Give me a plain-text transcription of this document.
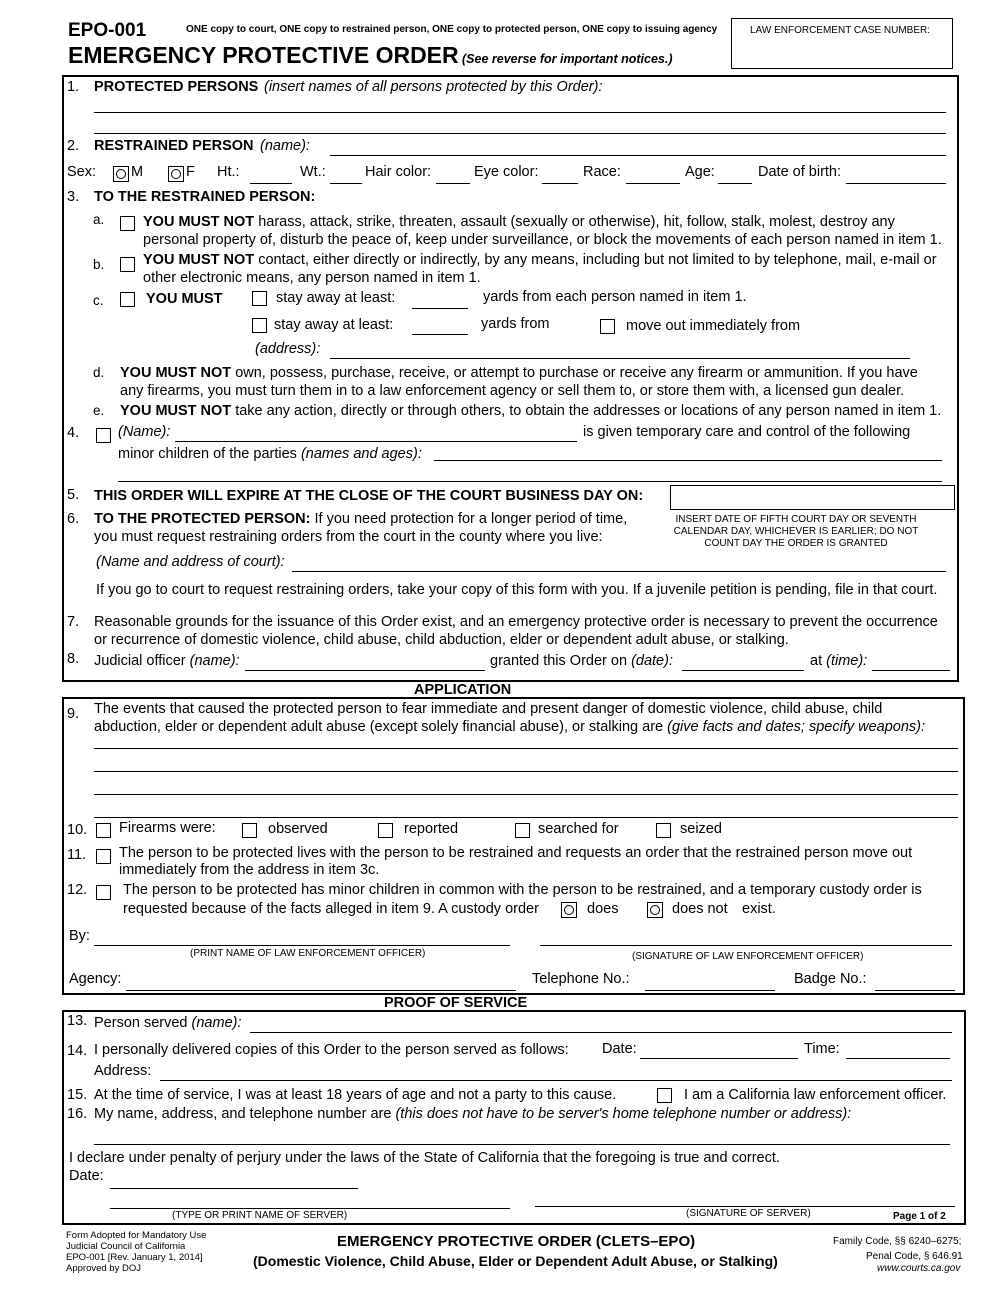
EPO-001	ONE copy to court, ONE copy to restrained person, ONE copy to protected person, ONE copy to issuing agency
EMERGENCY PROTECTIVE ORDER (See reverse for important notices.)
LAW ENFORCEMENT CASE NUMBER:
1. PROTECTED PERSONS (insert names of all persons protected by this Order):
2. RESTRAINED PERSON (name):
Sex: M	F Ht.:	Wt.:	Hair color:	Eye color:	Race:	Age:	Date of birth:
3. TO THE RESTRAINED PERSON:
a.	YOU MUST NOT harass, attack, strike, threaten, assault (sexually or otherwise), hit, follow, stalk, molest, destroy any
personal property of, disturb the peace of, keep under surveillance, or block the movements of each person named in item 1.
b.	YOU MUST NOT contact, either directly or indirectly, by any means, including but not limited to by telephone, mail, e-mail or
other electronic means, any person named in item 1.
c.	YOU MUST	stay away at least:	yards from each person named in item 1.
stay away at least:	yards from	move out immediately from
(address):
d. YOU MUST NOT own, possess, purchase, receive, or attempt to purchase or receive any firearm or ammunition. If you have
any firearms, you must turn them in to a law enforcement agency or sell them to, or store them with, a licensed gun dealer.
e. YOU MUST NOT take any action, directly or through others, to obtain the addresses or locations of any person named in item 1.
4.	(Name):	is given temporary care and control of the following
minor children of the parties (names and ages):
5. THIS ORDER WILL EXPIRE AT THE CLOSE OF THE COURT BUSINESS DAY ON:
INSERT DATE OF FIFTH COURT DAY OR SEVENTH CALENDAR DAY, WHICHEVER IS EARLIER; DO NOT COUNT DAY THE ORDER IS GRANTED
6. TO THE PROTECTED PERSON: If you need protection for a longer period of time,
you must request restraining orders from the court in the county where you live:
(Name and address of court):
If you go to court to request restraining orders, take your copy of this form with you. If a juvenile petition is pending, file in that court.
7. Reasonable grounds for the issuance of this Order exist, and an emergency protective order is necessary to prevent the occurrence
or recurrence of domestic violence, child abuse, child abduction, elder or dependent adult abuse, or stalking.
8. Judicial officer (name):	granted this Order on (date):	at (time):
APPLICATION
9. The events that caused the protected person to fear immediate and present danger of domestic violence, child abuse, child
abduction, elder or dependent adult abuse (except solely financial abuse), or stalking are (give facts and dates; specify weapons):
10. Firearms were:	observed	reported	searched for	seized
11. The person to be protected lives with the person to be restrained and requests an order that the restrained person move out
immediately from the address in item 3c.
12. The person to be protected has minor children in common with the person to be restrained, and a temporary custody order is
requested because of the facts alleged in item 9. A custody order	does	does not exist.
By:
(PRINT NAME OF LAW ENFORCEMENT OFFICER)	(SIGNATURE OF LAW ENFORCEMENT OFFICER)
Agency:	Telephone No.:	Badge No.:
PROOF OF SERVICE
13. Person served (name):
14. I personally delivered copies of this Order to the person served as follows: Date:	Time:
Address:
15. At the time of service, I was at least 18 years of age and not a party to this cause.	I am a California law enforcement officer.
16. My name, address, and telephone number are (this does not have to be server's home telephone number or address):
I declare under penalty of perjury under the laws of the State of California that the foregoing is true and correct.
Date:
(TYPE OR PRINT NAME OF SERVER)	(SIGNATURE OF SERVER)	Page 1 of 2
Form Adopted for Mandatory Use
Judicial Council of California
EPO-001 [Rev. January 1, 2014]
Approved by DOJ
EMERGENCY PROTECTIVE ORDER (CLETS–EPO)
(Domestic Violence, Child Abuse, Elder or Dependent Adult Abuse, or Stalking)
Family Code, §§ 6240–6275;
Penal Code, § 646.91
www.courts.ca.gov
